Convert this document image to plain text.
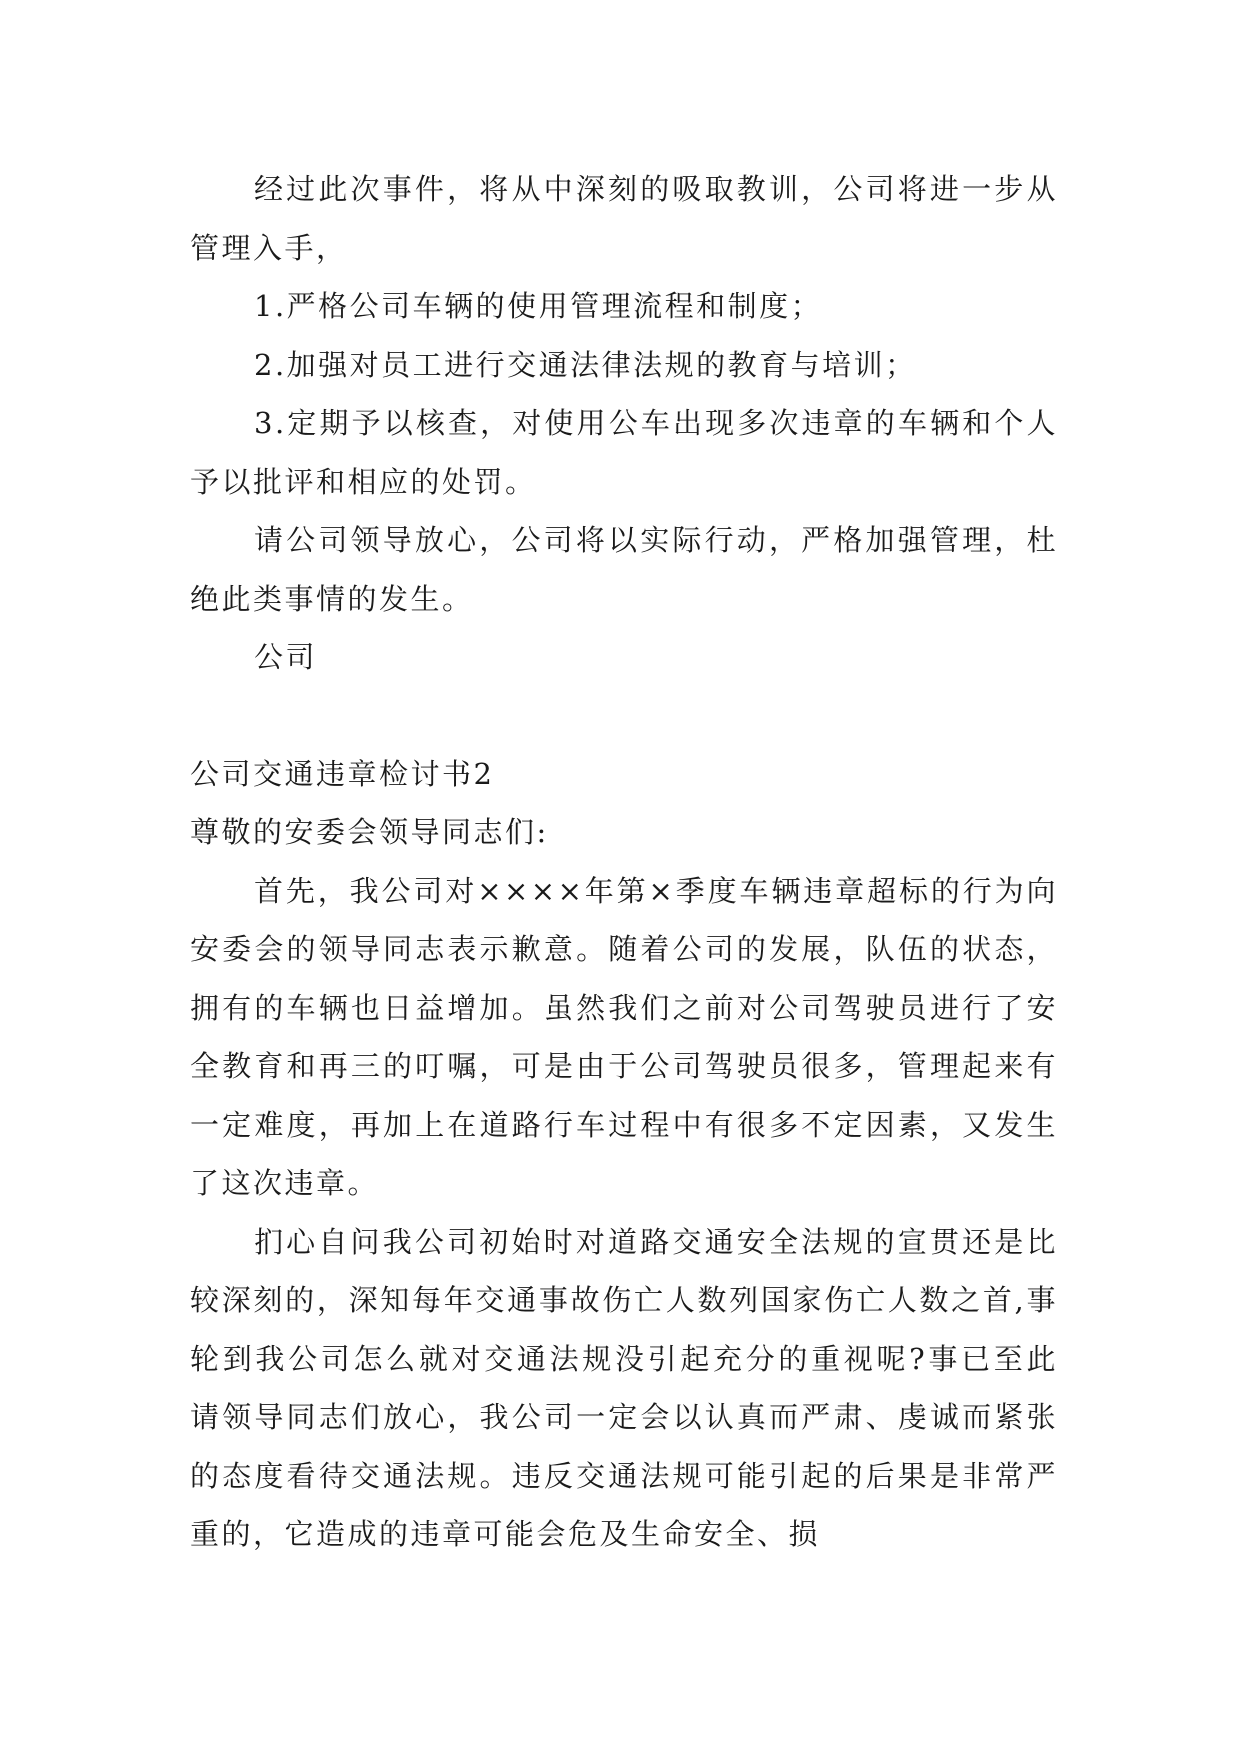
经过此次事件，将从中深刻的吸取教训，公司将进一步从管理入手，

1.严格公司车辆的使用管理流程和制度；

2.加强对员工进行交通法律法规的教育与培训；

3.定期予以核查，对使用公车出现多次违章的车辆和个人予以批评和相应的处罚。

请公司领导放心，公司将以实际行动，严格加强管理，杜绝此类事情的发生。

公司

公司交通违章检讨书2

尊敬的安委会领导同志们:

首先，我公司对××××年第×季度车辆违章超标的行为向安委会的领导同志表示歉意。随着公司的发展，队伍的状态，拥有的车辆也日益增加。虽然我们之前对公司驾驶员进行了安全教育和再三的叮嘱，可是由于公司驾驶员很多，管理起来有一定难度，再加上在道路行车过程中有很多不定因素，又发生了这次违章。

扪心自问我公司初始时对道路交通安全法规的宣贯还是比较深刻的，深知每年交通事故伤亡人数列国家伤亡人数之首,事轮到我公司怎么就对交通法规没引起充分的重视呢?事已至此请领导同志们放心，我公司一定会以认真而严肃、虔诚而紧张的态度看待交通法规。违反交通法规可能引起的后果是非常严重的，它造成的违章可能会危及生命安全、损
